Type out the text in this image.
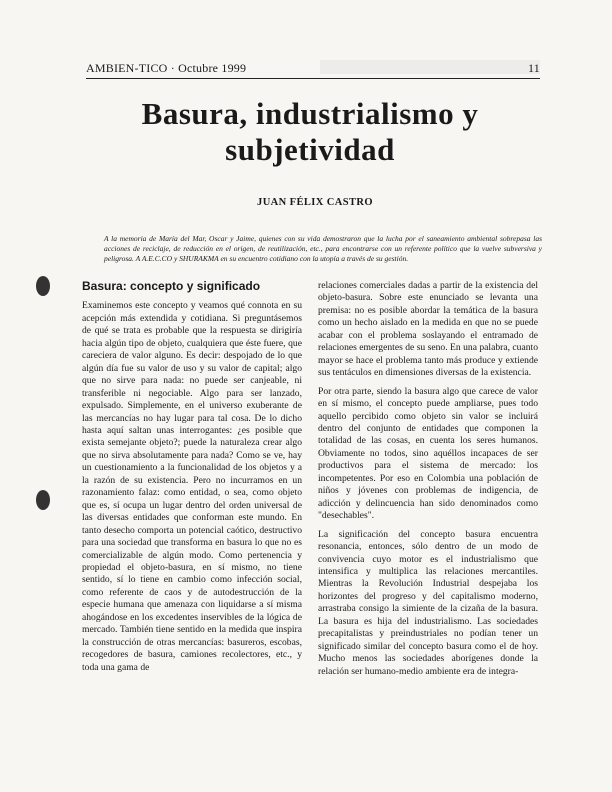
AMBIEN-TICO · Octubre 1999	11
Basura, industrialismo y subjetividad
JUAN FÉLIX CASTRO
A la memoria de María del Mar, Oscar y Jaime, quienes con su vida demostraron que la lucha por el saneamiento ambiental sobrepasa las acciones de reciclaje, de reducción en el origen, de reutilización, etc., para encontrarse con un referente político que la vuelve subversiva y peligrosa. A A.E.C.CO y SHURAKMA en su encuentro cotidiano con la utopía a través de su gestión.
Basura: concepto y significado

Examinemos este concepto y veamos qué connota en su acepción más extendida y cotidiana. Si preguntásemos de qué se trata es probable que la respuesta se dirigiría hacia algún tipo de objeto, cualquiera que éste fuere, que careciera de valor alguno. Es decir: despojado de lo que algún día fue su valor de uso y su valor de capital; algo que no sirve para nada: no puede ser canjeable, ni transferible ni negociable. Algo para ser lanzado, expulsado. Simplemente, en el universo exuberante de las mercancías no hay lugar para tal cosa. De lo dicho hasta aquí saltan unas interrogantes: ¿es posible que exista semejante objeto?; puede la naturaleza crear algo que no sirva absolutamente para nada? Como se ve, hay un cuestionamiento a la funcionalidad de los objetos y a la razón de su existencia. Pero no incurramos en un razonamiento falaz: como entidad, o sea, como objeto que es, sí ocupa un lugar dentro del orden universal de las diversas entidades que conforman este mundo. En tanto desecho comporta un potencial caótico, destructivo para una sociedad que transforma en basura lo que no es comercializable de algún modo. Como pertenencia y propiedad el objeto-basura, en sí mismo, no tiene sentido, sí lo tiene en cambio como infección social, como referente de caos y de autodestrucción de la especie humana que amenaza con liquidarse a sí misma ahogándose en los excedentes inservibles de la lógica de mercado. También tiene sentido en la medida que inspira la construcción de otras mercancías: basureros, escobas, recogedores de basura, camiones recolectores, etc., y toda una gama de

relaciones comerciales dadas a partir de la existencia del objeto-basura. Sobre este enunciado se levanta una premisa: no es posible abordar la temática de la basura como un hecho aislado en la medida en que no se puede acabar con el problema soslayando el entramado de relaciones emergentes de su seno. En una palabra, cuanto mayor se hace el problema tanto más produce y extiende sus tentáculos en dimensiones diversas de la existencia.

Por otra parte, siendo la basura algo que carece de valor en sí mismo, el concepto puede ampliarse, pues todo aquello percibido como objeto sin valor se incluirá dentro del conjunto de entidades que componen la totalidad de las cosas, en cuenta los seres humanos. Obviamente no todos, sino aquéllos incapaces de ser productivos para el sistema de mercado: los incompetentes. Por eso en Colombia una población de niños y jóvenes con problemas de indigencia, de adicción y delincuencia han sido denominados como "desechables".

La significación del concepto basura encuentra resonancia, entonces, sólo dentro de un modo de convivencia cuyo motor es el industrialismo que intensifica y multiplica las relaciones mercantiles. Mientras la Revolución Industrial despejaba los horizontes del progreso y del capitalismo moderno, arrastraba consigo la simiente de la cizaña de la basura. La basura es hija del industrialismo. Las sociedades precapitalistas y preindustriales no podían tener un significado similar del concepto basura como el de hoy. Mucho menos las sociedades aborígenes donde la relación ser humano-medio ambiente era de integra-
